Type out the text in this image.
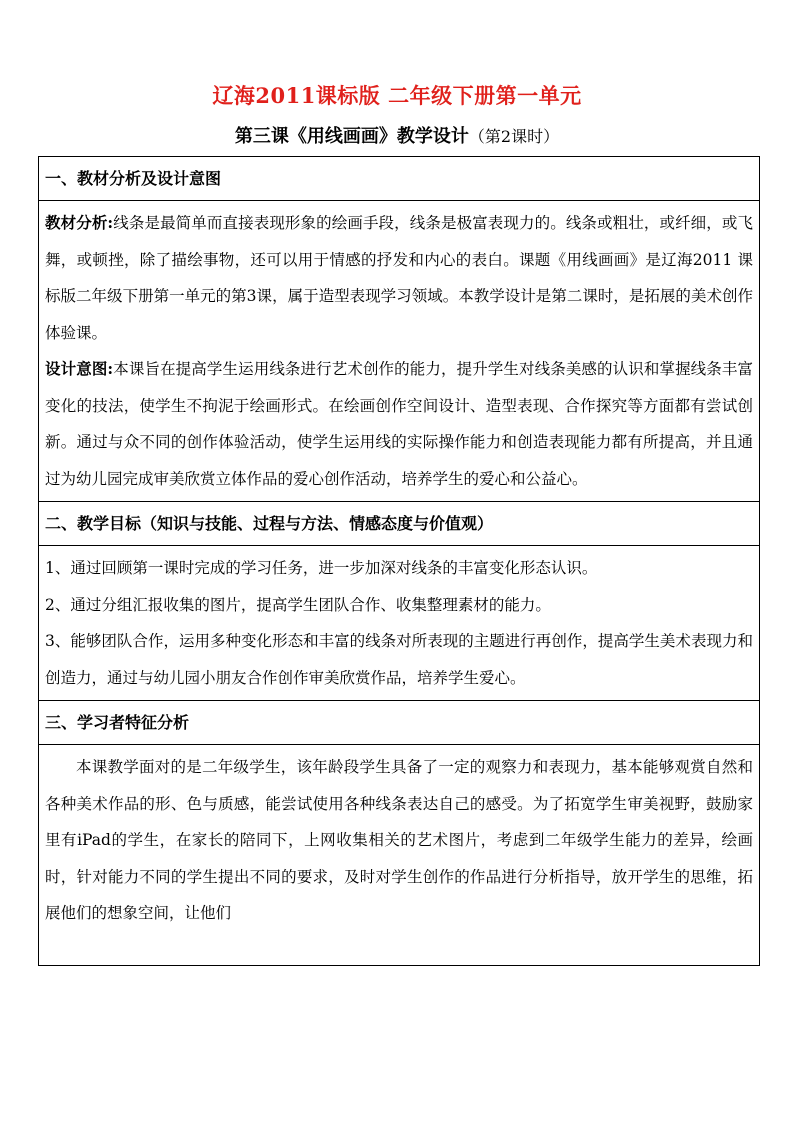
辽海2011课标版 二年级下册第一单元
第三课《用线画画》教学设计（第2课时）
一、教材分析及设计意图

教材分析:线条是最简单而直接表现形象的绘画手段，线条是极富表现力的。线条或粗壮，或纤细，或飞舞，或顿挫，除了描绘事物，还可以用于情感的抒发和内心的表白。课题《用线画画》是辽海2011 课标版二年级下册第一单元的第3课，属于造型表现学习领域。本教学设计是第二课时，是拓展的美术创作体验课。

设计意图:本课旨在提高学生运用线条进行艺术创作的能力，提升学生对线条美感的认识和掌握线条丰富变化的技法，使学生不拘泥于绘画形式。在绘画创作空间设计、造型表现、合作探究等方面都有尝试创新。通过与众不同的创作体验活动，使学生运用线的实际操作能力和创造表现能力都有所提高，并且通过为幼儿园完成审美欣赏立体作品的爱心创作活动，培养学生的爱心和公益心。

二、教学目标（知识与技能、过程与方法、情感态度与价值观）

1、通过回顾第一课时完成的学习任务，进一步加深对线条的丰富变化形态认识。

2、通过分组汇报收集的图片，提高学生团队合作、收集整理素材的能力。

3、能够团队合作，运用多种变化形态和丰富的线条对所表现的主题进行再创作，提高学生美术表现力和创造力，通过与幼儿园小朋友合作创作审美欣赏作品，培养学生爱心。

三、学习者特征分析

本课教学面对的是二年级学生，该年龄段学生具备了一定的观察力和表现力，基本能够观赏自然和各种美术作品的形、色与质感，能尝试使用各种线条表达自己的感受。为了拓宽学生审美视野，鼓励家里有iPad的学生，在家长的陪同下，上网收集相关的艺术图片，考虑到二年级学生能力的差异，绘画时，针对能力不同的学生提出不同的要求，及时对学生创作的作品进行分析指导，放开学生的思维，拓展他们的想象空间，让他们
